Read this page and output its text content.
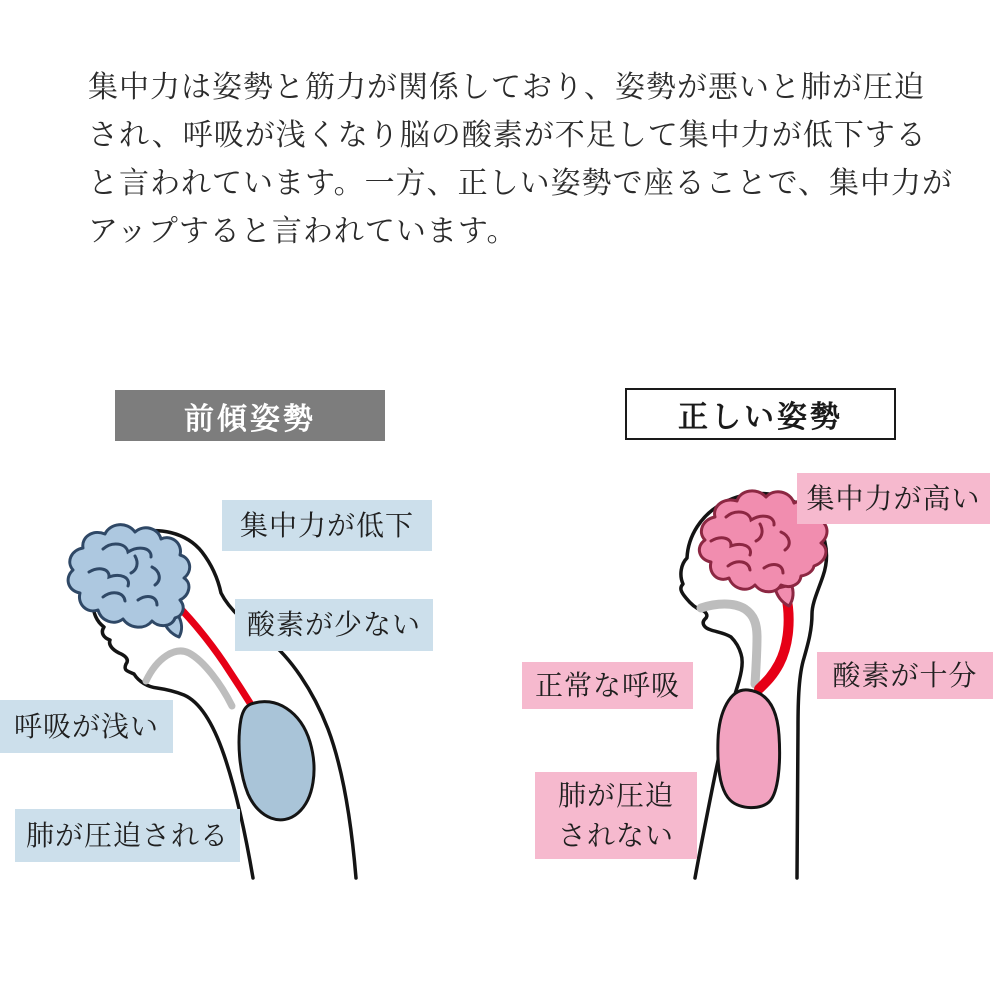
集中力は姿勢と筋力が関係しており、姿勢が悪いと肺が圧迫
され、呼吸が浅くなり脳の酸素が不足して集中力が低下する
と言われています。一方、正しい姿勢で座ることで、集中力が
アップすると言われています。
前傾姿勢	正しい姿勢
集中力が低下
酸素が少ない
呼吸が浅い
肺が圧迫される
集中力が高い
酸素が十分
正常な呼吸
肺が圧迫
されない
